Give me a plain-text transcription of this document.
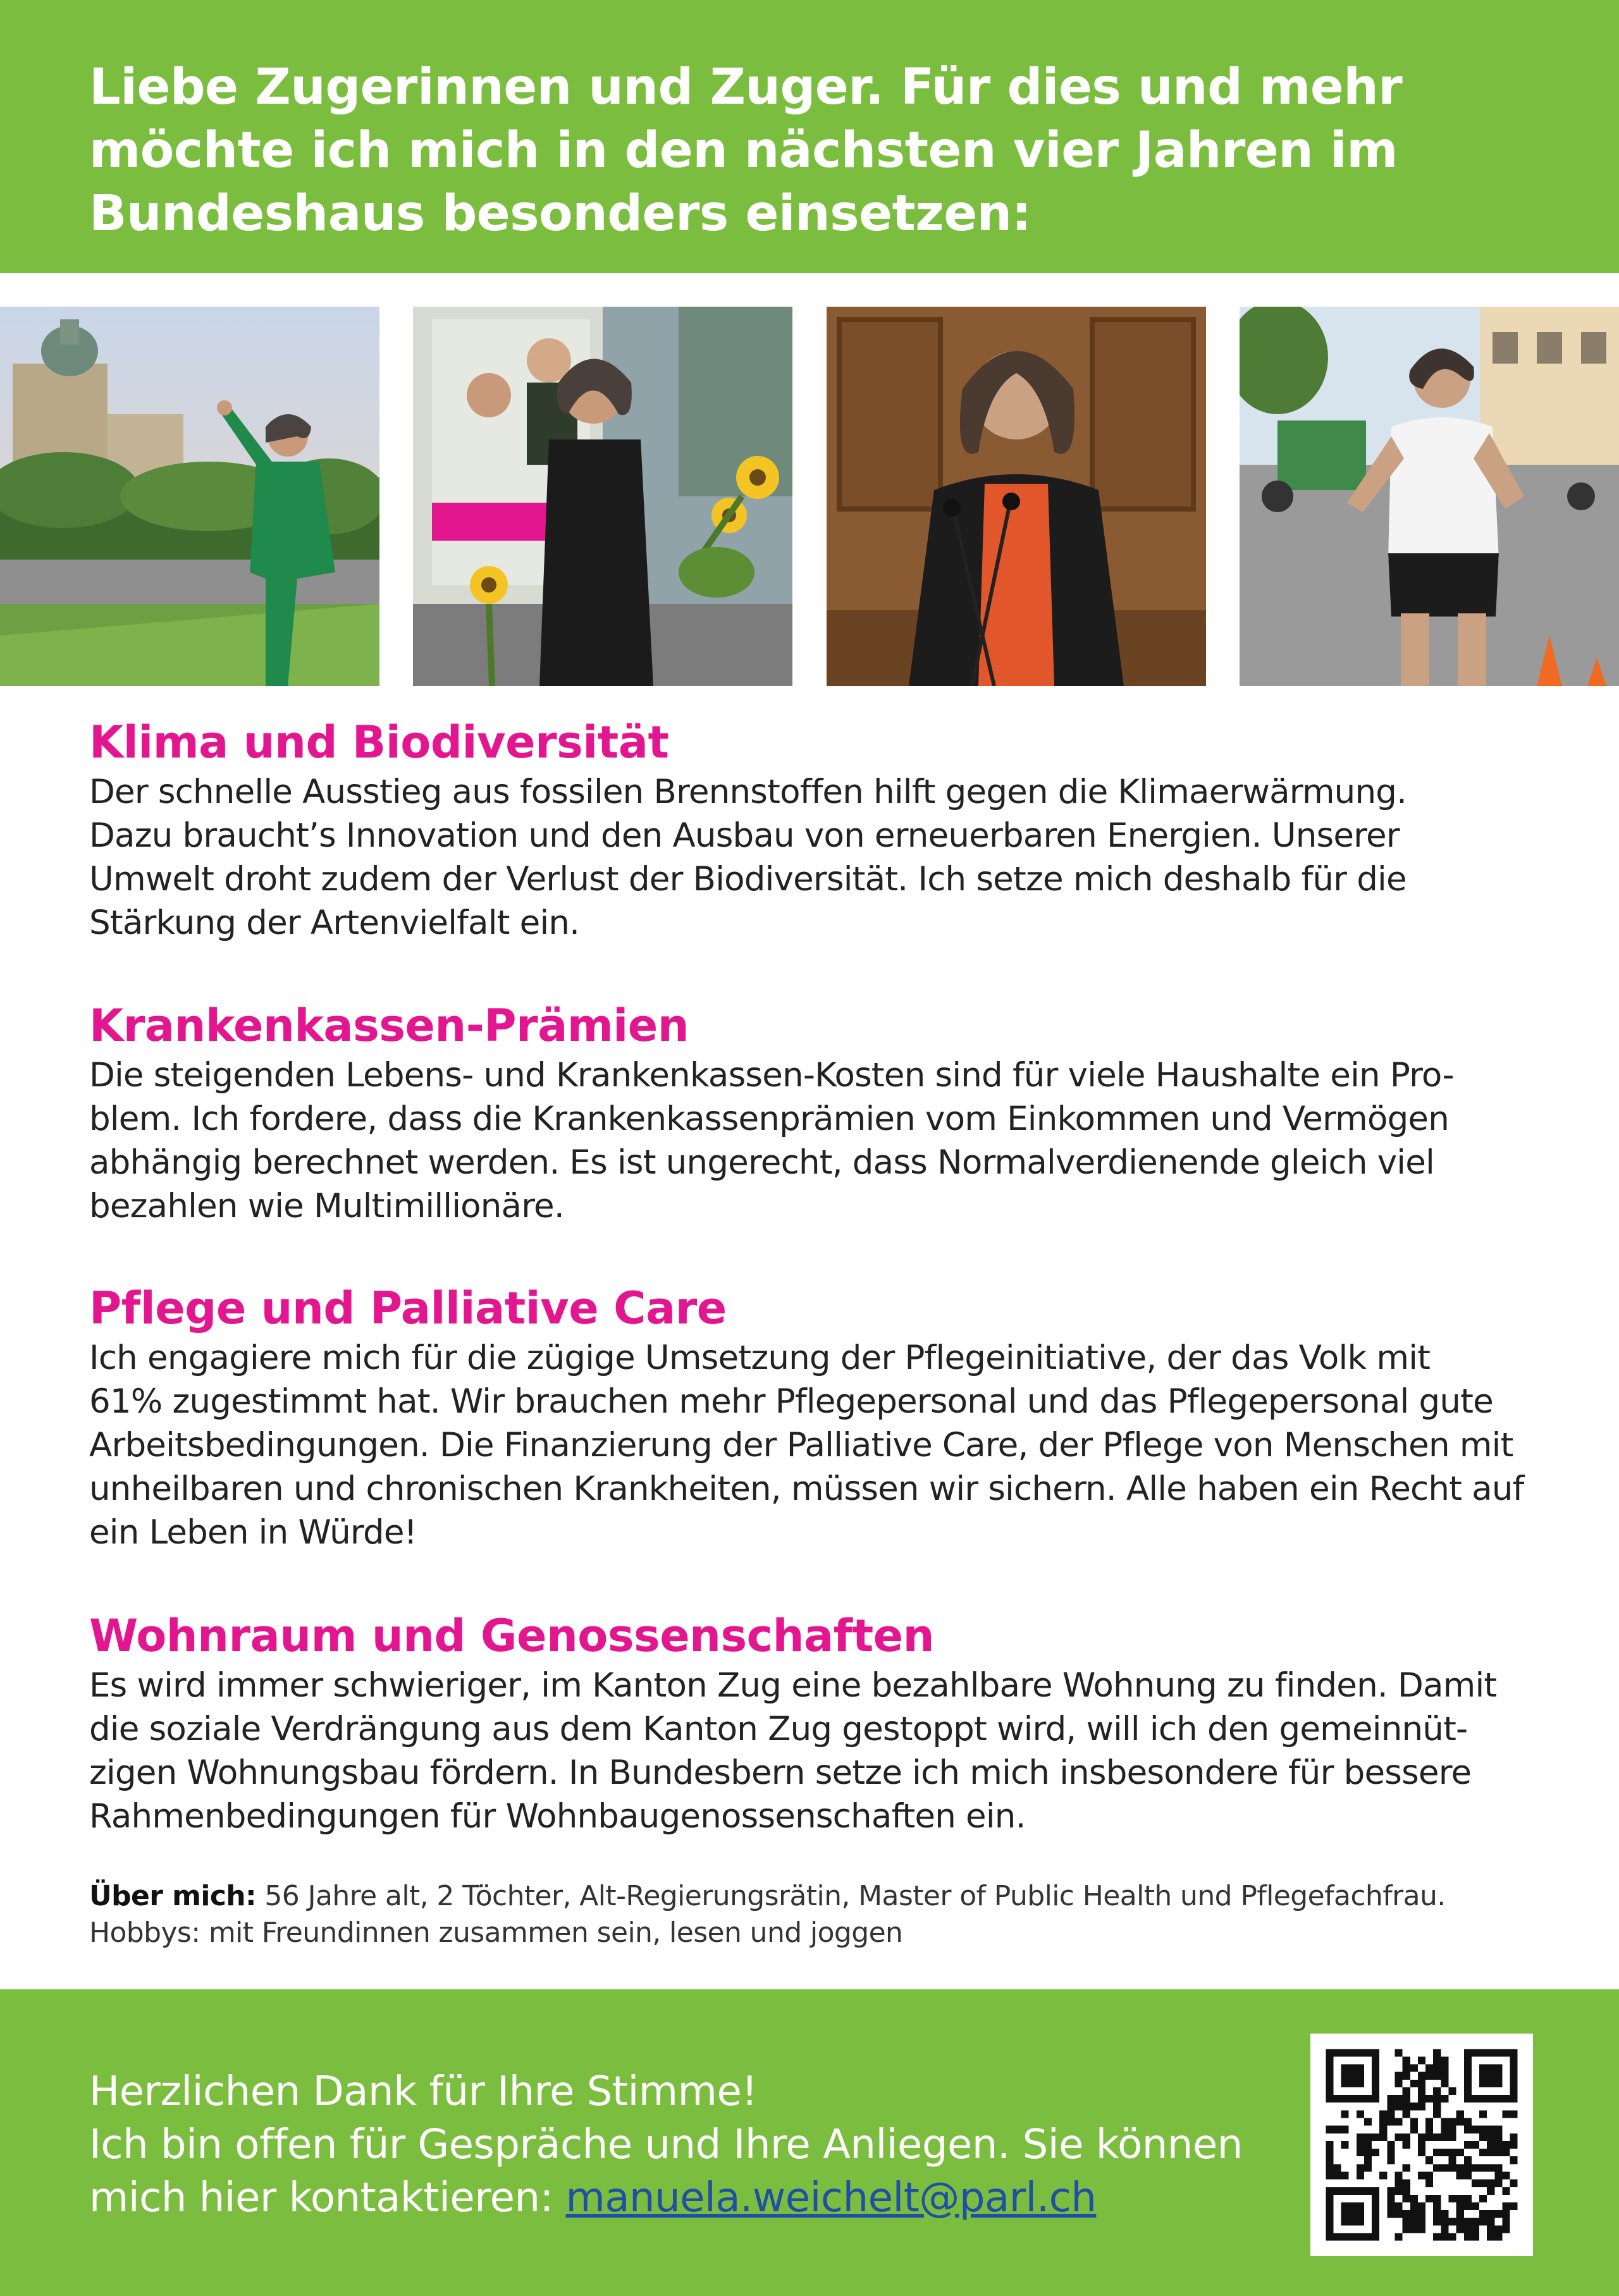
Liebe Zugerinnen und Zuger. Für dies und mehr möchte ich mich in den nächsten vier Jahren im Bundeshaus besonders einsetzen:
Klima und Biodiversität

Der schnelle Ausstieg aus fossilen Brennstoffen hilft gegen die Klimaerwärmung.
Dazu braucht’s Innovation und den Ausbau von erneuerbaren Energien. Unserer
Umwelt droht zudem der Verlust der Biodiversität. Ich setze mich deshalb für die
Stärkung der Artenvielfalt ein.

Krankenkassen-Prämien

Die steigenden Lebens- und Krankenkassen-Kosten sind für viele Haushalte ein Pro-
blem. Ich fordere, dass die Krankenkassenprämien vom Einkommen und Vermögen
abhängig berechnet werden. Es ist ungerecht, dass Normalverdienende gleich viel
bezahlen wie Multimillionäre.

Pflege und Palliative Care

Ich engagiere mich für die zügige Umsetzung der Pflegeinitiative, der das Volk mit
61% zugestimmt hat. Wir brauchen mehr Pflegepersonal und das Pflegepersonal gute
Arbeitsbedingungen. Die Finanzierung der Palliative Care, der Pflege von Menschen mit
unheilbaren und chronischen Krankheiten, müssen wir sichern. Alle haben ein Recht auf
ein Leben in Würde!

Wohnraum und Genossenschaften

Es wird immer schwieriger, im Kanton Zug eine bezahlbare Wohnung zu finden. Damit
die soziale Verdrängung aus dem Kanton Zug gestoppt wird, will ich den gemeinnüt-
zigen Wohnungsbau fördern. In Bundesbern setze ich mich insbesondere für bessere
Rahmenbedingungen für Wohnbaugenossenschaften ein.

Über mich: 56 Jahre alt, 2 Töchter, Alt-Regierungsrätin, Master of Public Health und Pflegefachfrau.
Hobbys: mit Freundinnen zusammen sein, lesen und joggen
Herzlichen Dank für Ihre Stimme!
Ich bin offen für Gespräche und Ihre Anliegen. Sie können
mich hier kontaktieren: manuela.weichelt@parl.ch
